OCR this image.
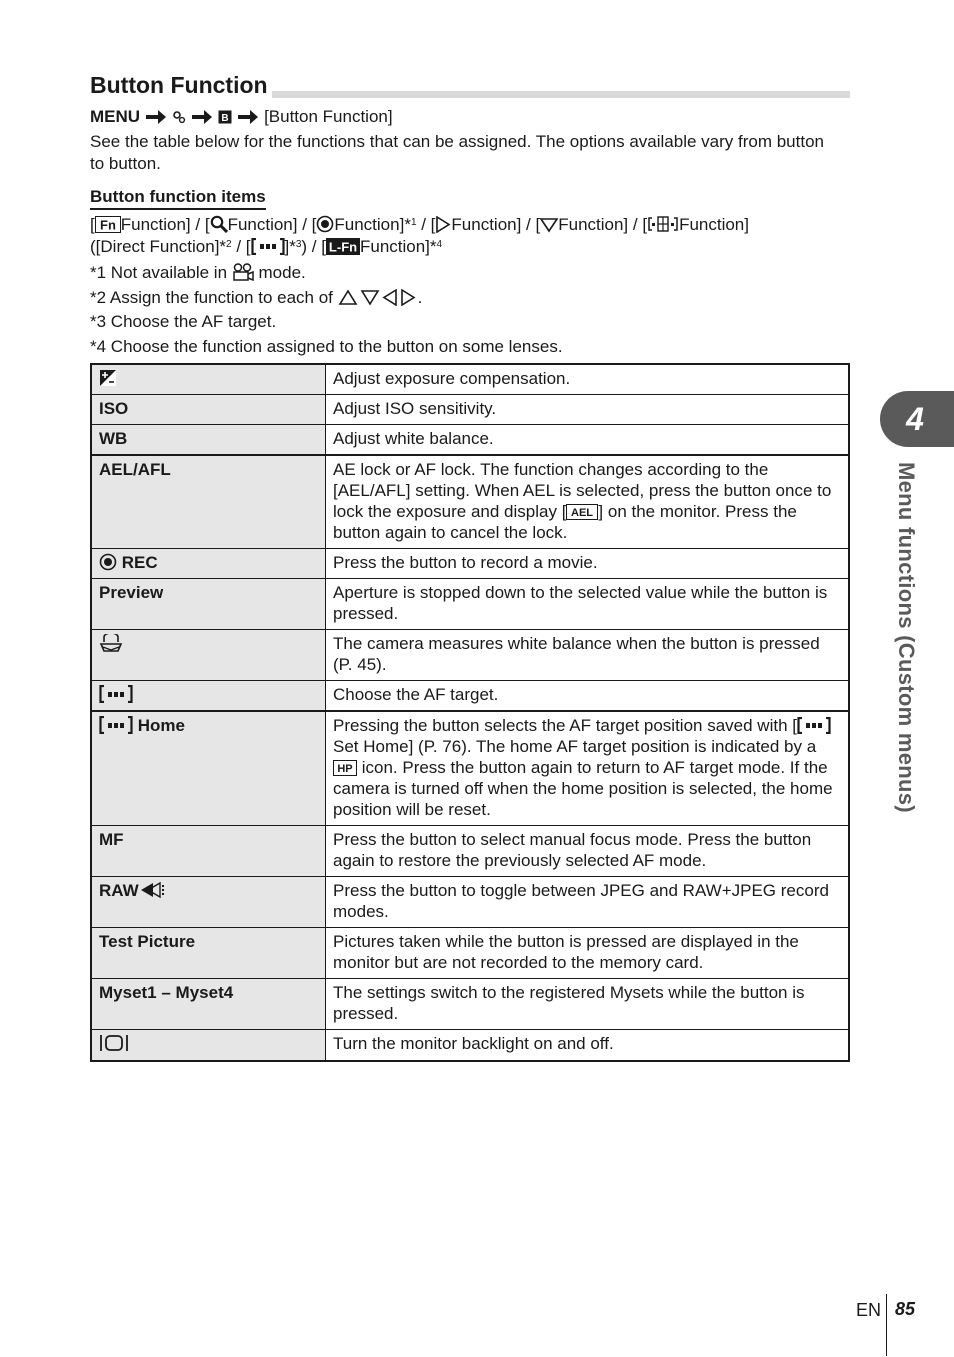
Button Function
MENU	B [Button Function]
See the table below for the functions that can be assigned. The options available vary from button to button.
Button function items
[ Fn Function] / [ Function] / [ Function]*$^1$ / [ Function] / [ Function] / [ Function]
([Direct Function]*$^2$ / [ ]*$^3$) / [ L-Fn Function]*$^4$
*1 Not available in mode.
*2 Assign the function to each of	.
*3 Choose the AF target.
*4 Choose the function assigned to the button on some lenses.
	Adjust exposure compensation.
ISO	Adjust ISO sensitivity.
WB	Adjust white balance.
AEL/AFL	AE lock or AF lock. The function changes according to the [AEL/AFL] setting. When AEL is selected, press the button once to lock the exposure and display [ AEL ] on the monitor. Press the button again to cancel the lock.
REC	Press the button to record a movie.
Preview	Aperture is stopped down to the selected value while the button is pressed.
	The camera measures white balance when the button is pressed (P. 45).
	Choose the AF target.
Home	Pressing the button selects the AF target position saved with [ Set Home] (P. 76). The home AF target position is indicated by a
HP icon. Press the button again to return to AF target mode. If the camera is turned off when the home position is selected, the home position will be reset.
MF	Press the button to select manual focus mode. Press the button again to restore the previously selected AF mode.
RAW	Press the button to toggle between JPEG and RAW+JPEG record modes.
Test Picture	Pictures taken while the button is pressed are displayed in the monitor but are not recorded to the memory card.
Myset1 – Myset4	The settings switch to the registered Mysets while the button is pressed.
	Turn the monitor backlight on and off.
4
Menu functions (Custom menus)
EN 85
